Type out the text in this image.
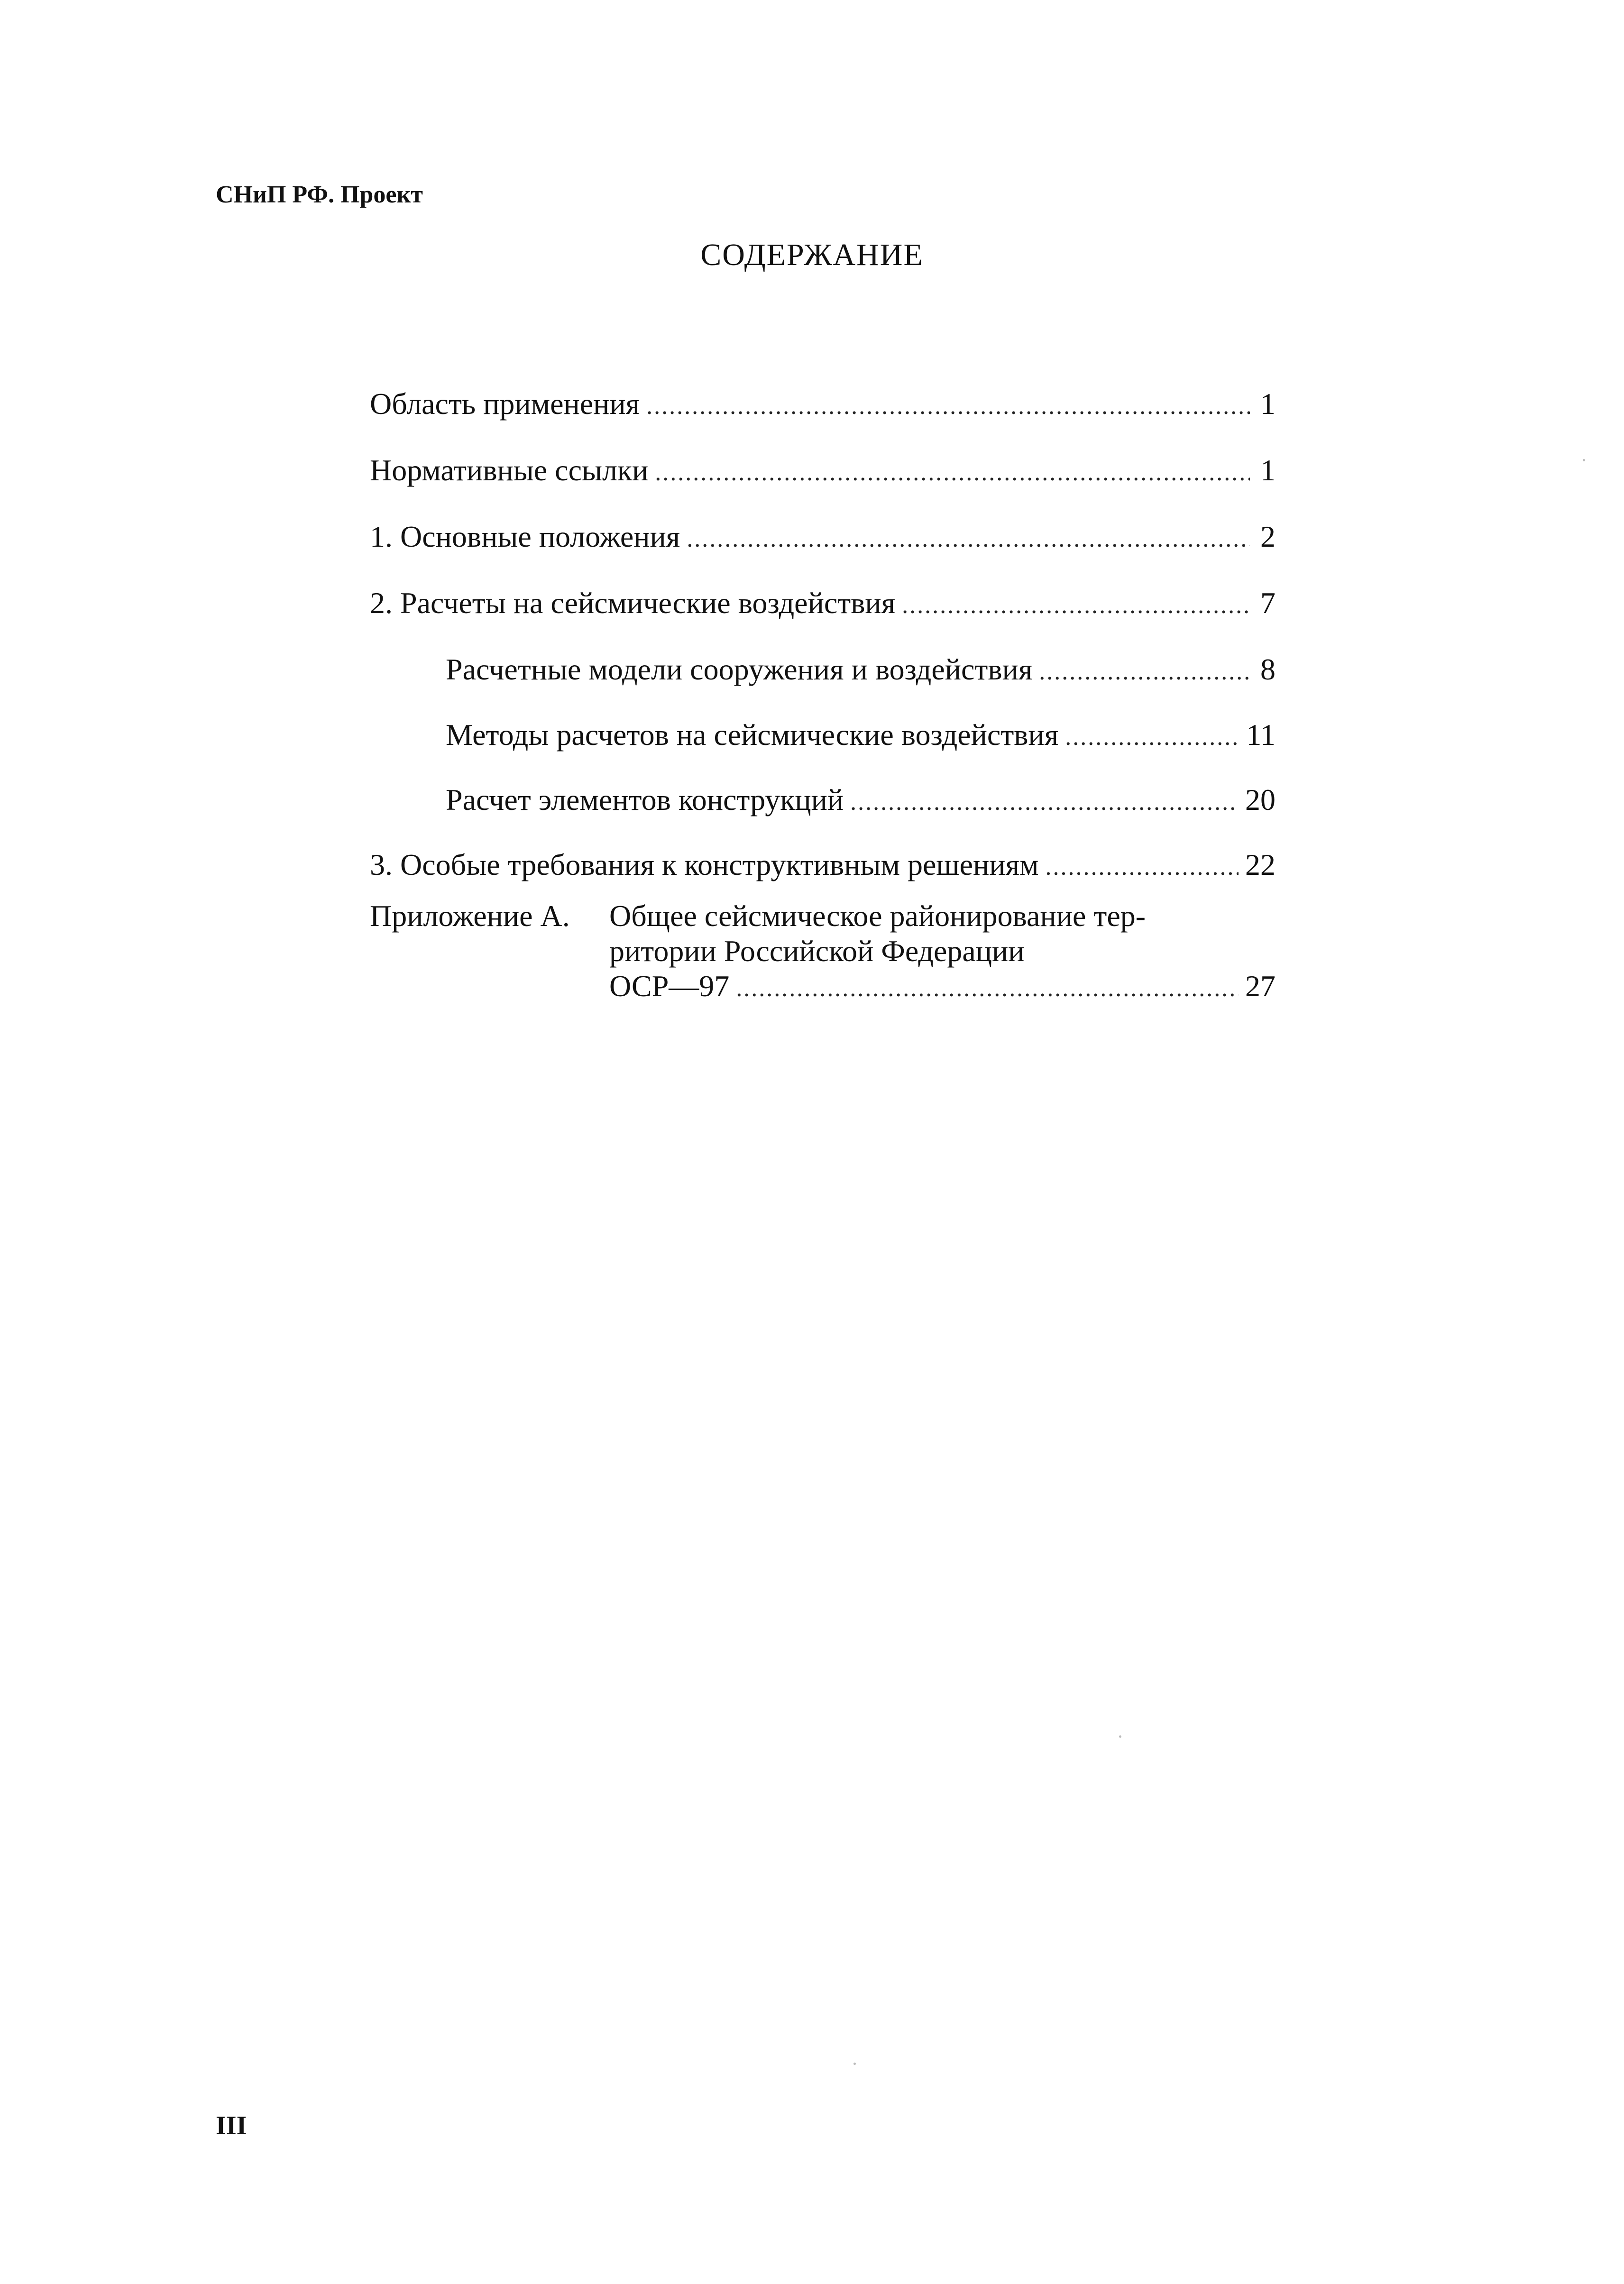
СНиП РФ. Проект
СОДЕРЖАНИЕ
Область применения .....	1
Нормативные ссылки .....	1
1. Основные положения .....	2
2. Расчеты на сейсмические воздействия .....	7
Расчетные модели сооружения и воздействия .....	8
Методы расчетов на сейсмические воздействия .....	11
Расчет элементов конструкций .....	20
3. Особые требования к конструктивным решениям .....	22
Приложение А. Общее сейсмическое районирование тер-
ритории Российской Федерации
ОСР—97 .....	27
III
